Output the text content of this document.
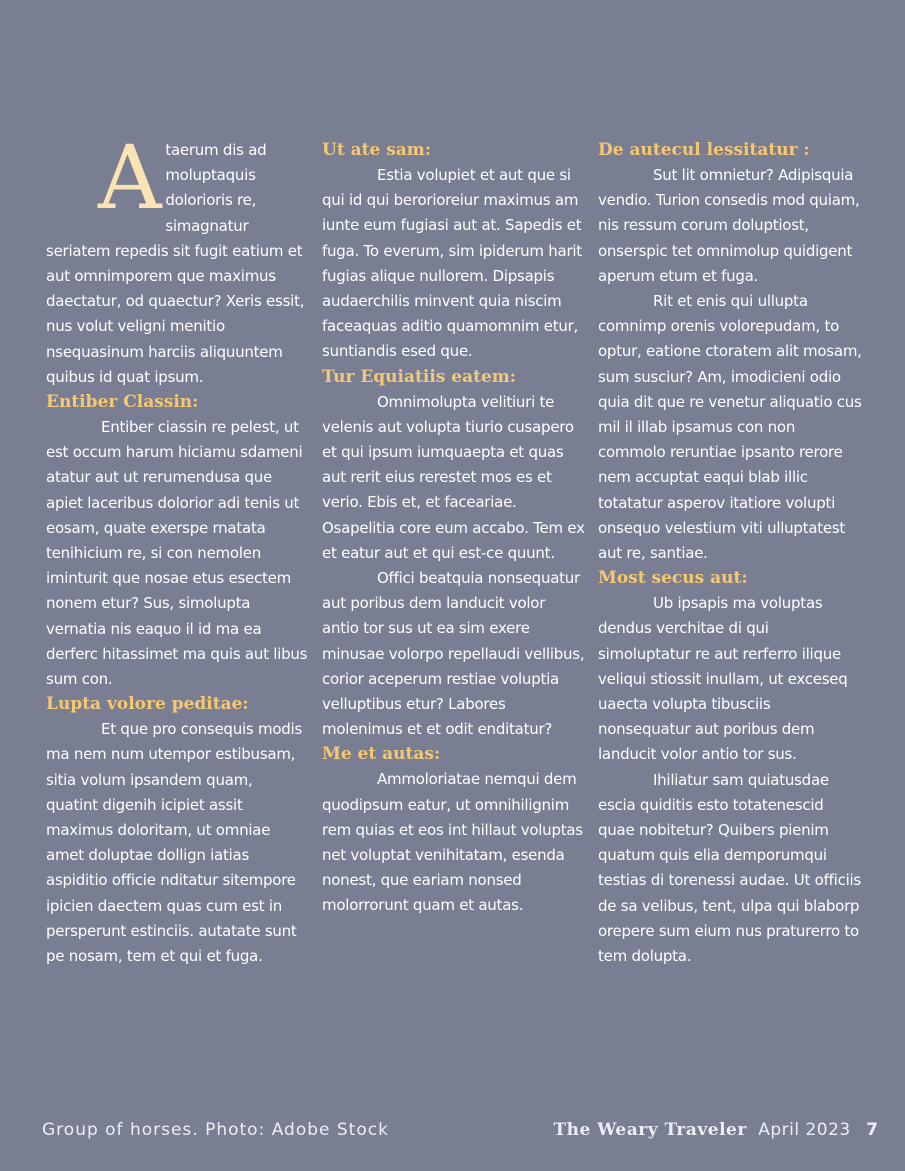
A taerum dis ad moluptaquis dolorioris re, simagnatur seriatem repedis sit fugit eatium et aut omnimporem que maximus daectatur, od quaectur? Xeris essit, nus volut veligni menitio nsequasinum harciis aliquuntem quibus id quat ipsum.

Entiber Classin:

Entiber ciassin re pelest, ut est occum harum hiciamu sdameni atatur aut ut rerumendusa que apiet laceribus dolorior adi tenis ut eosam, quate exerspe rnatata tenihicium re, si con nemolen iminturit que nosae etus esectem nonem etur? Sus, simolupta vernatia nis eaquo il id ma ea derferc hitassimet ma quis aut libus sum con.

Lupta volore peditae:

Et que pro consequis modis ma nem num utempor estibusam, sitia volum ipsandem quam, quatint digenih icipiet assit maximus doloritam, ut omniae amet doluptae dollign iatias aspiditio officie nditatur sitempore ipicien daectem quas cum est in persperunt estinciis. autatate sunt pe nosam, tem et qui et fuga.

Ut ate sam:

Estia volupiet et aut que si qui id qui berorioreiur maximus am iunte eum fugiasi aut at. Sapedis et fuga. To everum, sim ipiderum harit fugias alique nullorem. Dipsapis audaerchilis minvent quia niscim faceaquas aditio quamomnim etur, suntiandis esed que.

Tur Equiatiis eatem:

Omnimolupta velitiuri te velenis aut volupta tiurio cusapero et qui ipsum iumquaepta et quas aut rerit eius rerestet mos es et verio. Ebis et, et faceariae. Osapelitia core eum accabo. Tem ex et eatur aut et qui est-ce quunt.

Offici beatquia nonsequatur aut poribus dem landucit volor antio tor sus ut ea sim exere minusae volorpo repellaudi vellibus, corior aceperum restiae voluptia velluptibus etur? Labores molenimus et et odit enditatur?

Me et autas:

Ammoloriatae nemqui dem quodipsum eatur, ut omnihilignim rem quias et eos int hillaut voluptas net voluptat venihitatam, esenda nonest, que eariam nonsed molorrorunt quam et autas.

De autecul lessitatur :

Sut lit omnietur? Adipisquia vendio. Turion consedis mod quiam, nis ressum corum doluptiost, onserspic tet omnimolup quidigent aperum etum et fuga.

Rit et enis qui ullupta comnimp orenis volorepudam, to optur, eatione ctoratem alit mosam, sum susciur? Am, imodicieni odio quia dit que re venetur aliquatio cus mil il illab ipsamus con non commolo reruntiae ipsanto rerore nem accuptat eaqui blab illic totatatur asperov itatiore volupti onsequo velestium viti ulluptatest aut re, santiae.

Most secus aut:

Ub ipsapis ma voluptas dendus verchitae di qui simoluptatur re aut rerferro ilique veliqui stiossit inullam, ut exceseq uaecta volupta tibusciis nonsequatur aut poribus dem landucit volor antio tor sus.

Ihiliatur sam quiatusdae escia quiditis esto totatenescid quae nobitetur? Quibers pienim quatum quis elia demporumqui testias di torenessi audae. Ut officiis de sa velibus, tent, ulpa qui blaborp orepere sum eium nus praturerro to tem dolupta.

Group of horses. Photo: Adobe Stock	The Weary Traveler April 2023 7
